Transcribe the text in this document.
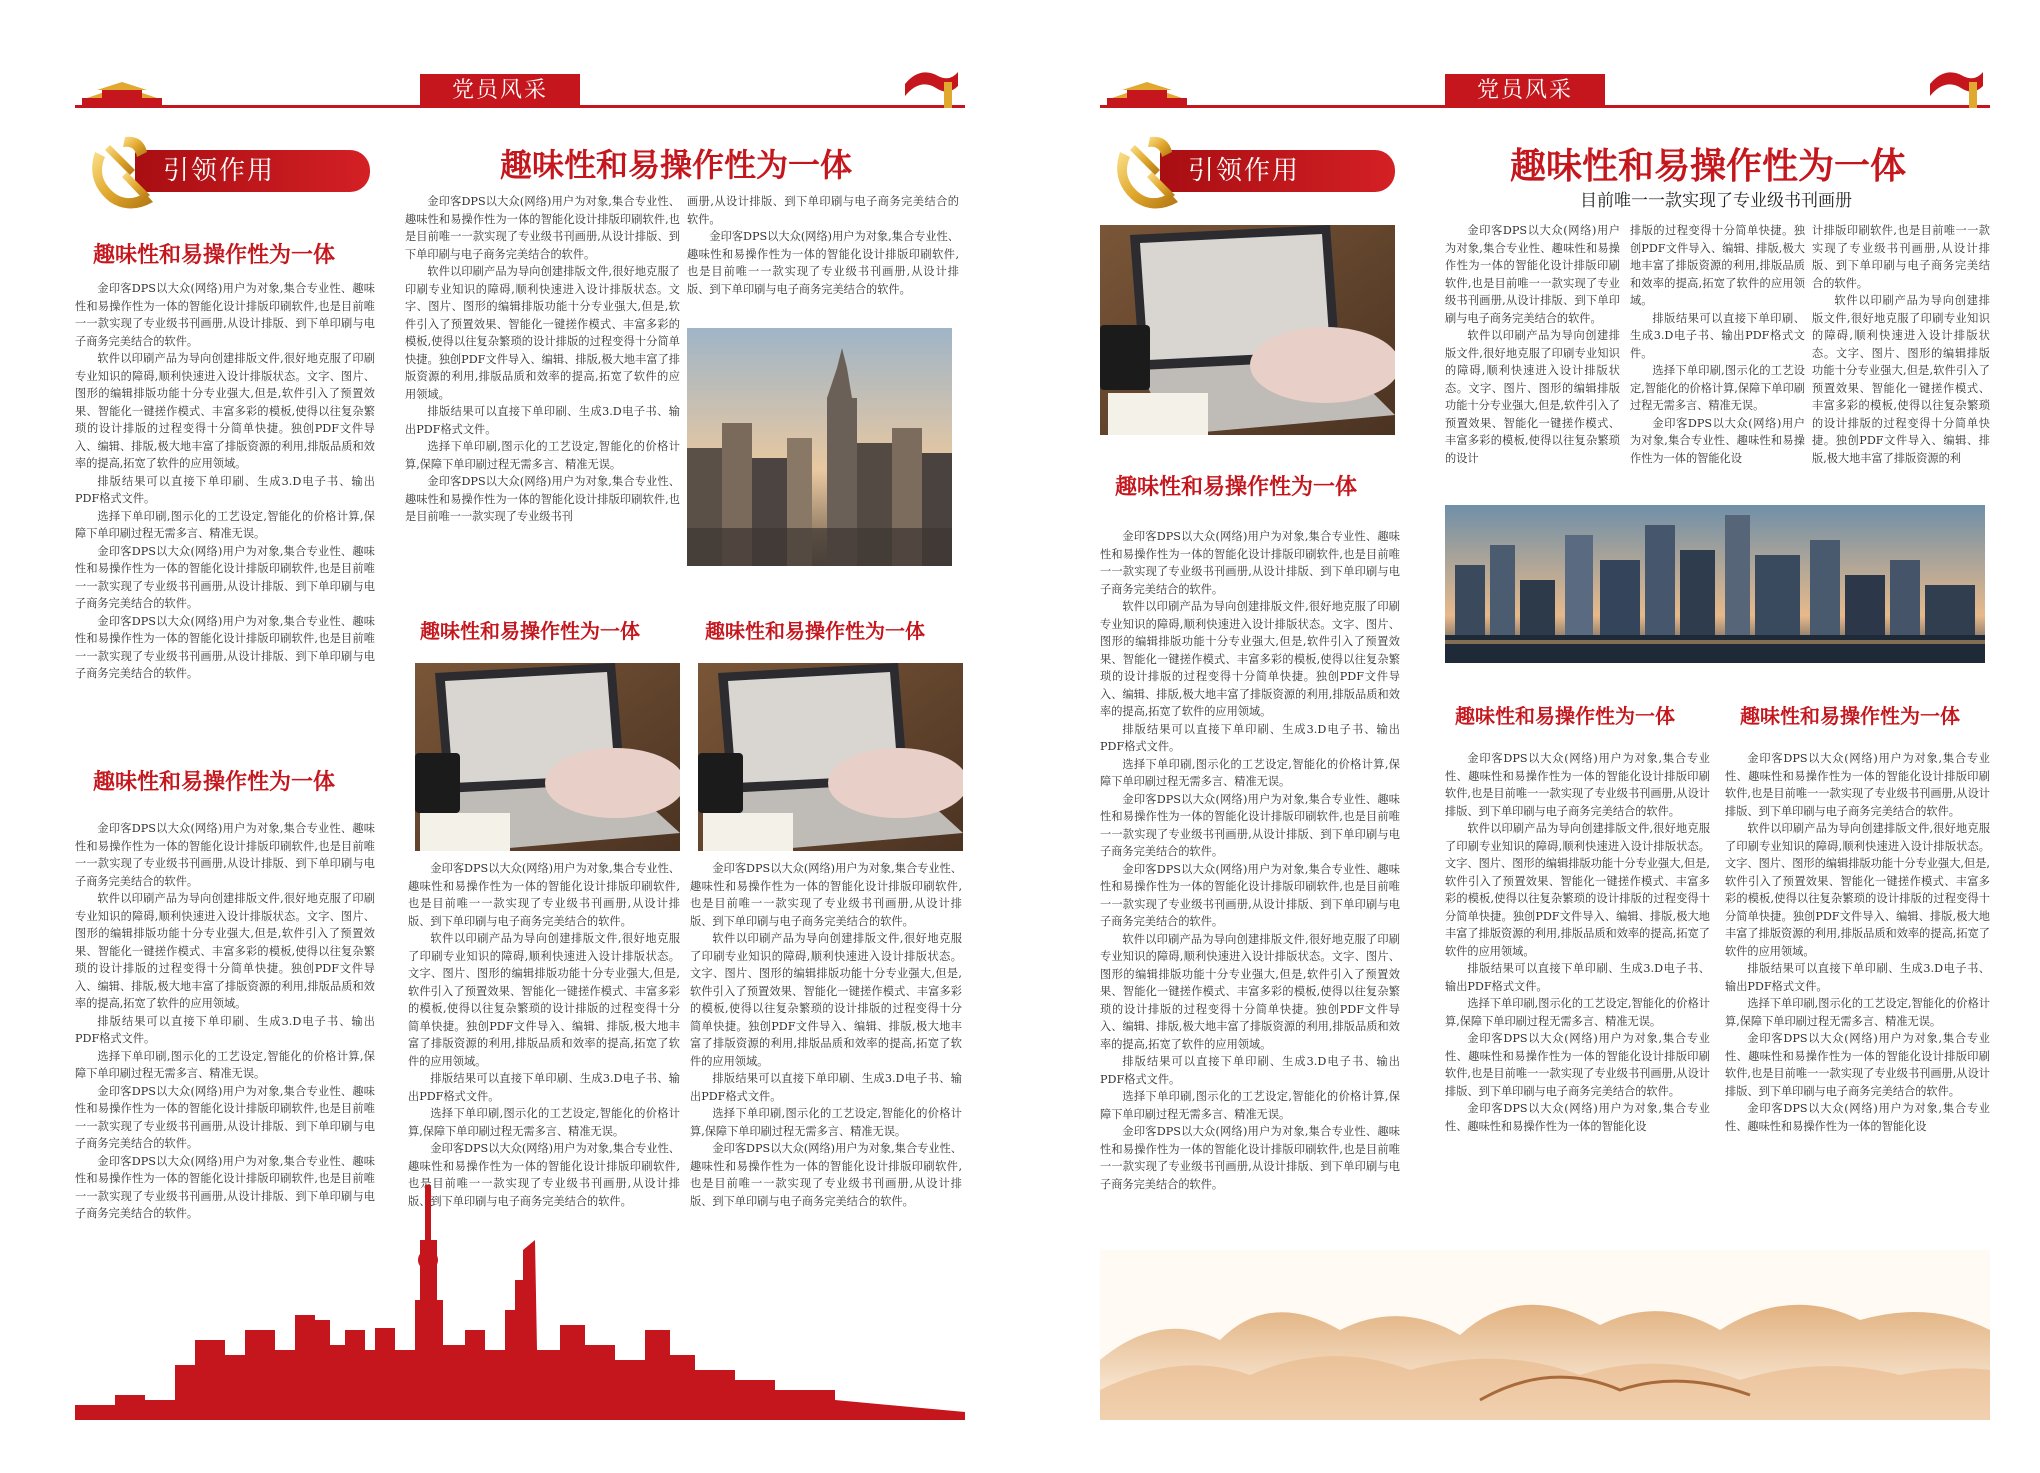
党员风采
引领作用	趣味性和易操作性为一体
趣味性和易操作性为一体

金印客DPS以大众(网络)用户为对象,集合专业性、趣味性和易操作性为一体的智能化设计排版印刷软件,也是目前唯一一款实现了专业级书刊画册,从设计排版、到下单印刷与电子商务完美结合的软件。

软件以印刷产品为导向创建排版文件,很好地克服了印刷专业知识的障碍,顺利快速进入设计排版状态。文字、图片、图形的编辑排版功能十分专业强大,但是,软件引入了预置效果、智能化一键搓作模式、丰富多彩的模板,使得以往复杂繁琐的设计排版的过程变得十分简单快捷。独创PDF文件导入、编辑、排版,极大地丰富了排版资源的利用,排版品质和效率的提高,拓宽了软件的应用领域。

排版结果可以直接下单印刷、生成3.D电子书、输出PDF格式文件。

选择下单印刷,图示化的工艺设定,智能化的价格计算,保障下单印刷过程无需多言、精准无误。

金印客DPS以大众(网络)用户为对象,集合专业性、趣味性和易操作性为一体的智能化设计排版印刷软件,也是目前唯一一款实现了专业级书刊画册,从设计排版、到下单印刷与电子商务完美结合的软件。

金印客DPS以大众(网络)用户为对象,集合专业性、趣味性和易操作性为一体的智能化设计排版印刷软件,也是目前唯一一款实现了专业级书刊画册,从设计排版、到下单印刷与电子商务完美结合的软件。

趣味性和易操作性为一体

金印客DPS以大众(网络)用户为对象,集合专业性、趣味性和易操作性为一体的智能化设计排版印刷软件,也是目前唯一一款实现了专业级书刊画册,从设计排版、到下单印刷与电子商务完美结合的软件。

软件以印刷产品为导向创建排版文件,很好地克服了印刷专业知识的障碍,顺利快速进入设计排版状态。文字、图片、图形的编辑排版功能十分专业强大,但是,软件引入了预置效果、智能化一键搓作模式、丰富多彩的模板,使得以往复杂繁琐的设计排版的过程变得十分简单快捷。独创PDF文件导入、编辑、排版,极大地丰富了排版资源的利用,排版品质和效率的提高,拓宽了软件的应用领域。

排版结果可以直接下单印刷、生成3.D电子书、输出PDF格式文件。

选择下单印刷,图示化的工艺设定,智能化的价格计算,保障下单印刷过程无需多言、精准无误。

金印客DPS以大众(网络)用户为对象,集合专业性、趣味性和易操作性为一体的智能化设计排版印刷软件,也是目前唯一一款实现了专业级书刊画册,从设计排版、到下单印刷与电子商务完美结合的软件。

金印客DPS以大众(网络)用户为对象,集合专业性、趣味性和易操作性为一体的智能化设计排版印刷软件,也是目前唯一一款实现了专业级书刊画册,从设计排版、到下单印刷与电子商务完美结合的软件。

金印客DPS以大众(网络)用户为对象,集合专业性、趣味性和易操作性为一体的智能化设计排版印刷软件,也是目前唯一一款实现了专业级书刊画册,从设计排版、到下单印刷与电子商务完美结合的软件。

软件以印刷产品为导向创建排版文件,很好地克服了印刷专业知识的障碍,顺利快速进入设计排版状态。文字、图片、图形的编辑排版功能十分专业强大,但是,软件引入了预置效果、智能化一键搓作模式、丰富多彩的模板,使得以往复杂繁琐的设计排版的过程变得十分简单快捷。独创PDF文件导入、编辑、排版,极大地丰富了排版资源的利用,排版品质和效率的提高,拓宽了软件的应用领域。

排版结果可以直接下单印刷、生成3.D电子书、输出PDF格式文件。

选择下单印刷,图示化的工艺设定,智能化的价格计算,保障下单印刷过程无需多言、精准无误。

金印客DPS以大众(网络)用户为对象,集合专业性、趣味性和易操作性为一体的智能化设计排版印刷软件,也是目前唯一一款实现了专业级书刊

画册,从设计排版、到下单印刷与电子商务完美结合的软件。

金印客DPS以大众(网络)用户为对象,集合专业性、趣味性和易操作性为一体的智能化设计排版印刷软件,也是目前唯一一款实现了专业级书刊画册,从设计排版、到下单印刷与电子商务完美结合的软件。

趣味性和易操作性为一体	趣味性和易操作性为一体

金印客DPS以大众(网络)用户为对象,集合专业性、趣味性和易操作性为一体的智能化设计排版印刷软件,也是目前唯一一款实现了专业级书刊画册,从设计排版、到下单印刷与电子商务完美结合的软件。

软件以印刷产品为导向创建排版文件,很好地克服了印刷专业知识的障碍,顺利快速进入设计排版状态。文字、图片、图形的编辑排版功能十分专业强大,但是,软件引入了预置效果、智能化一键搓作模式、丰富多彩的模板,使得以往复杂繁琐的设计排版的过程变得十分简单快捷。独创PDF文件导入、编辑、排版,极大地丰富了排版资源的利用,排版品质和效率的提高,拓宽了软件的应用领域。

排版结果可以直接下单印刷、生成3.D电子书、输出PDF格式文件。

选择下单印刷,图示化的工艺设定,智能化的价格计算,保障下单印刷过程无需多言、精准无误。

金印客DPS以大众(网络)用户为对象,集合专业性、趣味性和易操作性为一体的智能化设计排版印刷软件,也是目前唯一一款实现了专业级书刊画册,从设计排版、到下单印刷与电子商务完美结合的软件。

金印客DPS以大众(网络)用户为对象,集合专业性、趣味性和易操作性为一体的智能化设计排版印刷软件,也是目前唯一一款实现了专业级书刊画册,从设计排版、到下单印刷与电子商务完美结合的软件。

软件以印刷产品为导向创建排版文件,很好地克服了印刷专业知识的障碍,顺利快速进入设计排版状态。文字、图片、图形的编辑排版功能十分专业强大,但是,软件引入了预置效果、智能化一键搓作模式、丰富多彩的模板,使得以往复杂繁琐的设计排版的过程变得十分简单快捷。独创PDF文件导入、编辑、排版,极大地丰富了排版资源的利用,排版品质和效率的提高,拓宽了软件的应用领域。

排版结果可以直接下单印刷、生成3.D电子书、输出PDF格式文件。

选择下单印刷,图示化的工艺设定,智能化的价格计算,保障下单印刷过程无需多言、精准无误。

金印客DPS以大众(网络)用户为对象,集合专业性、趣味性和易操作性为一体的智能化设计排版印刷软件,也是目前唯一一款实现了专业级书刊画册,从设计排版、到下单印刷与电子商务完美结合的软件。

党员风采
引领作用	趣味性和易操作性为一体
目前唯一一款实现了专业级书刊画册
趣味性和易操作性为一体

金印客DPS以大众(网络)用户为对象,集合专业性、趣味性和易操作性为一体的智能化设计排版印刷软件,也是目前唯一一款实现了专业级书刊画册,从设计排版、到下单印刷与电子商务完美结合的软件。

软件以印刷产品为导向创建排版文件,很好地克服了印刷专业知识的障碍,顺利快速进入设计排版状态。文字、图片、图形的编辑排版功能十分专业强大,但是,软件引入了预置效果、智能化一键搓作模式、丰富多彩的模板,使得以往复杂繁琐的设计排版的过程变得十分简单快捷。独创PDF文件导入、编辑、排版,极大地丰富了排版资源的利用,排版品质和效率的提高,拓宽了软件的应用领域。

排版结果可以直接下单印刷、生成3.D电子书、输出PDF格式文件。

选择下单印刷,图示化的工艺设定,智能化的价格计算,保障下单印刷过程无需多言、精准无误。

金印客DPS以大众(网络)用户为对象,集合专业性、趣味性和易操作性为一体的智能化设计排版印刷软件,也是目前唯一一款实现了专业级书刊画册,从设计排版、到下单印刷与电子商务完美结合的软件。

金印客DPS以大众(网络)用户为对象,集合专业性、趣味性和易操作性为一体的智能化设计排版印刷软件,也是目前唯一一款实现了专业级书刊画册,从设计排版、到下单印刷与电子商务完美结合的软件。

软件以印刷产品为导向创建排版文件,很好地克服了印刷专业知识的障碍,顺利快速进入设计排版状态。文字、图片、图形的编辑排版功能十分专业强大,但是,软件引入了预置效果、智能化一键搓作模式、丰富多彩的模板,使得以往复杂繁琐的设计排版的过程变得十分简单快捷。独创PDF文件导入、编辑、排版,极大地丰富了排版资源的利用,排版品质和效率的提高,拓宽了软件的应用领域。

排版结果可以直接下单印刷、生成3.D电子书、输出PDF格式文件。

选择下单印刷,图示化的工艺设定,智能化的价格计算,保障下单印刷过程无需多言、精准无误。

金印客DPS以大众(网络)用户为对象,集合专业性、趣味性和易操作性为一体的智能化设计排版印刷软件,也是目前唯一一款实现了专业级书刊画册,从设计排版、到下单印刷与电子商务完美结合的软件。

金印客DPS以大众(网络)用户为对象,集合专业性、趣味性和易操作性为一体的智能化设计排版印刷软件,也是目前唯一一款实现了专业级书刊画册,从设计排版、到下单印刷与电子商务完美结合的软件。

软件以印刷产品为导向创建排版文件,很好地克服了印刷专业知识的障碍,顺利快速进入设计排版状态。文字、图片、图形的编辑排版功能十分专业强大,但是,软件引入了预置效果、智能化一键搓作模式、丰富多彩的模板,使得以往复杂繁琐的设计

排版的过程变得十分简单快捷。独创PDF文件导入、编辑、排版,极大地丰富了排版资源的利用,排版品质和效率的提高,拓宽了软件的应用领域。

排版结果可以直接下单印刷、生成3.D电子书、输出PDF格式文件。

选择下单印刷,图示化的工艺设定,智能化的价格计算,保障下单印刷过程无需多言、精准无误。

金印客DPS以大众(网络)用户为对象,集合专业性、趣味性和易操作性为一体的智能化设

计排版印刷软件,也是目前唯一一款实现了专业级书刊画册,从设计排版、到下单印刷与电子商务完美结合的软件。

软件以印刷产品为导向创建排版文件,很好地克服了印刷专业知识的障碍,顺利快速进入设计排版状态。文字、图片、图形的编辑排版功能十分专业强大,但是,软件引入了预置效果、智能化一键搓作模式、丰富多彩的模板,使得以往复杂繁琐的设计排版的过程变得十分简单快捷。独创PDF文件导入、编辑、排版,极大地丰富了排版资源的利

趣味性和易操作性为一体	趣味性和易操作性为一体

金印客DPS以大众(网络)用户为对象,集合专业性、趣味性和易操作性为一体的智能化设计排版印刷软件,也是目前唯一一款实现了专业级书刊画册,从设计排版、到下单印刷与电子商务完美结合的软件。

软件以印刷产品为导向创建排版文件,很好地克服了印刷专业知识的障碍,顺利快速进入设计排版状态。文字、图片、图形的编辑排版功能十分专业强大,但是,软件引入了预置效果、智能化一键搓作模式、丰富多彩的模板,使得以往复杂繁琐的设计排版的过程变得十分简单快捷。独创PDF文件导入、编辑、排版,极大地丰富了排版资源的利用,排版品质和效率的提高,拓宽了软件的应用领域。

排版结果可以直接下单印刷、生成3.D电子书、输出PDF格式文件。

选择下单印刷,图示化的工艺设定,智能化的价格计算,保障下单印刷过程无需多言、精准无误。

金印客DPS以大众(网络)用户为对象,集合专业性、趣味性和易操作性为一体的智能化设计排版印刷软件,也是目前唯一一款实现了专业级书刊画册,从设计排版、到下单印刷与电子商务完美结合的软件。

金印客DPS以大众(网络)用户为对象,集合专业性、趣味性和易操作性为一体的智能化设

金印客DPS以大众(网络)用户为对象,集合专业性、趣味性和易操作性为一体的智能化设计排版印刷软件,也是目前唯一一款实现了专业级书刊画册,从设计排版、到下单印刷与电子商务完美结合的软件。

软件以印刷产品为导向创建排版文件,很好地克服了印刷专业知识的障碍,顺利快速进入设计排版状态。文字、图片、图形的编辑排版功能十分专业强大,但是,软件引入了预置效果、智能化一键搓作模式、丰富多彩的模板,使得以往复杂繁琐的设计排版的过程变得十分简单快捷。独创PDF文件导入、编辑、排版,极大地丰富了排版资源的利用,排版品质和效率的提高,拓宽了软件的应用领域。

排版结果可以直接下单印刷、生成3.D电子书、输出PDF格式文件。

选择下单印刷,图示化的工艺设定,智能化的价格计算,保障下单印刷过程无需多言、精准无误。

金印客DPS以大众(网络)用户为对象,集合专业性、趣味性和易操作性为一体的智能化设计排版印刷软件,也是目前唯一一款实现了专业级书刊画册,从设计排版、到下单印刷与电子商务完美结合的软件。

金印客DPS以大众(网络)用户为对象,集合专业性、趣味性和易操作性为一体的智能化设
